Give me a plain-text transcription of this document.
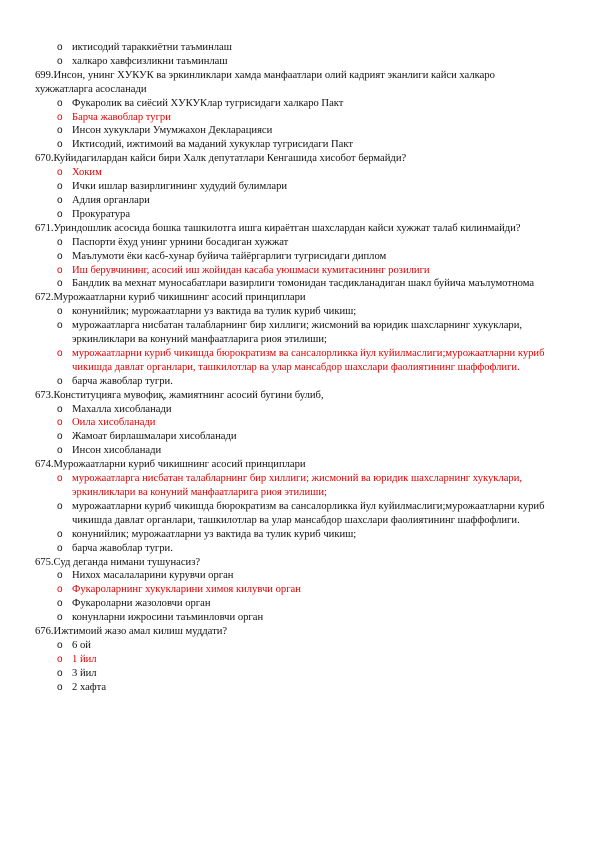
o иктисодий тараккиётни таъминлаш
o халкаро хавфсизликни таъминлаш

699.Инсон, унинг ХУКУК ва эркинликлари хамда манфаатлари олий кадрият эканлиги кайси халкаро хужжатларга асосланади

o Фукаролик ва сиёсий ХУКУКлар тугрисидаги халкаро Пакт
o Барча жавоблар тугри
o Инсон хукуклари Умумжахон Декларацияси
o Иктисодий, ижтимоий ва маданий хукуклар тугрисидаги Пакт

670.Куйидагилардан кайси бири Халк депутатлари Кенгашида хисобот бермайди?

o Хоким
o Ички ишлар вазирлигининг худудий булимлари
o Адлия органлари
o Прокуратура

671.Уриндошлик асосида бошка ташкилотга ишга кираётган шахслардан кайси хужжат талаб килинмайди?

o Паспорти ёхуд унинг урнини босадиган хужжат
o Маълумоти ёки касб-хунар буйича тайёргарлиги тугрисидаги диплом
o Иш берувчининг, асосий иш жойидан касаба уюшмаси кумитасининг розилиги
o Бандлик ва мехнат муносабатлари вазирлиги томонидан тасдикланадиган шакл буйича маълумотнома

672.Мурожаатларни куриб чикишнинг асосий принциплари

o конунийлик; мурожаатларни уз вактида ва тулик куриб чикиш;
o мурожаатларга нисбатан талабларнинг бир хиллиги; жисмоний ва юридик шахсларнинг хукуклари, эркинликлари ва конуний манфаатларига риоя этилиши;
o мурожаатларни куриб чикишда бюрократизм ва сансалорликка йул куйилмаслиги;мурожаатларни куриб чикишда давлат органлари, ташкилотлар ва улар мансабдор шахслари фаолиятининг шаффофлиги.
o барча жавоблар тугри.

673.Конституцияга мувофиқ, жамиятнинг асосий бугини булиб,

o Махалла хисобланади
o Оила хисобланади
o Жамоат бирлашмалари хисобланади
o Инсон хисобланади

674.Мурожаатларни куриб чикишнинг асосий принциплари

o мурожаатларга нисбатан талабларнинг бир хиллиги; жисмоний ва юридик шахсларнинг хукуклари, эркинликлари ва конуний манфаатларига риоя этилиши;
o мурожаатларни куриб чикишда бюрократизм ва сансалорликка йул куйилмаслиги;мурожаатларни куриб чикишда давлат органлари, ташкилотлар ва улар мансабдор шахслари фаолиятининг шаффофлиги.
o конунийлик; мурожаатларни уз вактида ва тулик куриб чикиш;
o барча жавоблар тугри.

675.Суд деганда нимани тушунасиз?

o Нихох масалаларини курувчи орган
o Фукароларнинг хукукларини химоя килувчи орган
o Фукароларни жазоловчи орган
o конунларни ижросини таъминловчи орган

676.Ижтимоий жазо амал килиш муддати?

o 6 ой
o 1 йил
o 3 йил
o 2 хафта
